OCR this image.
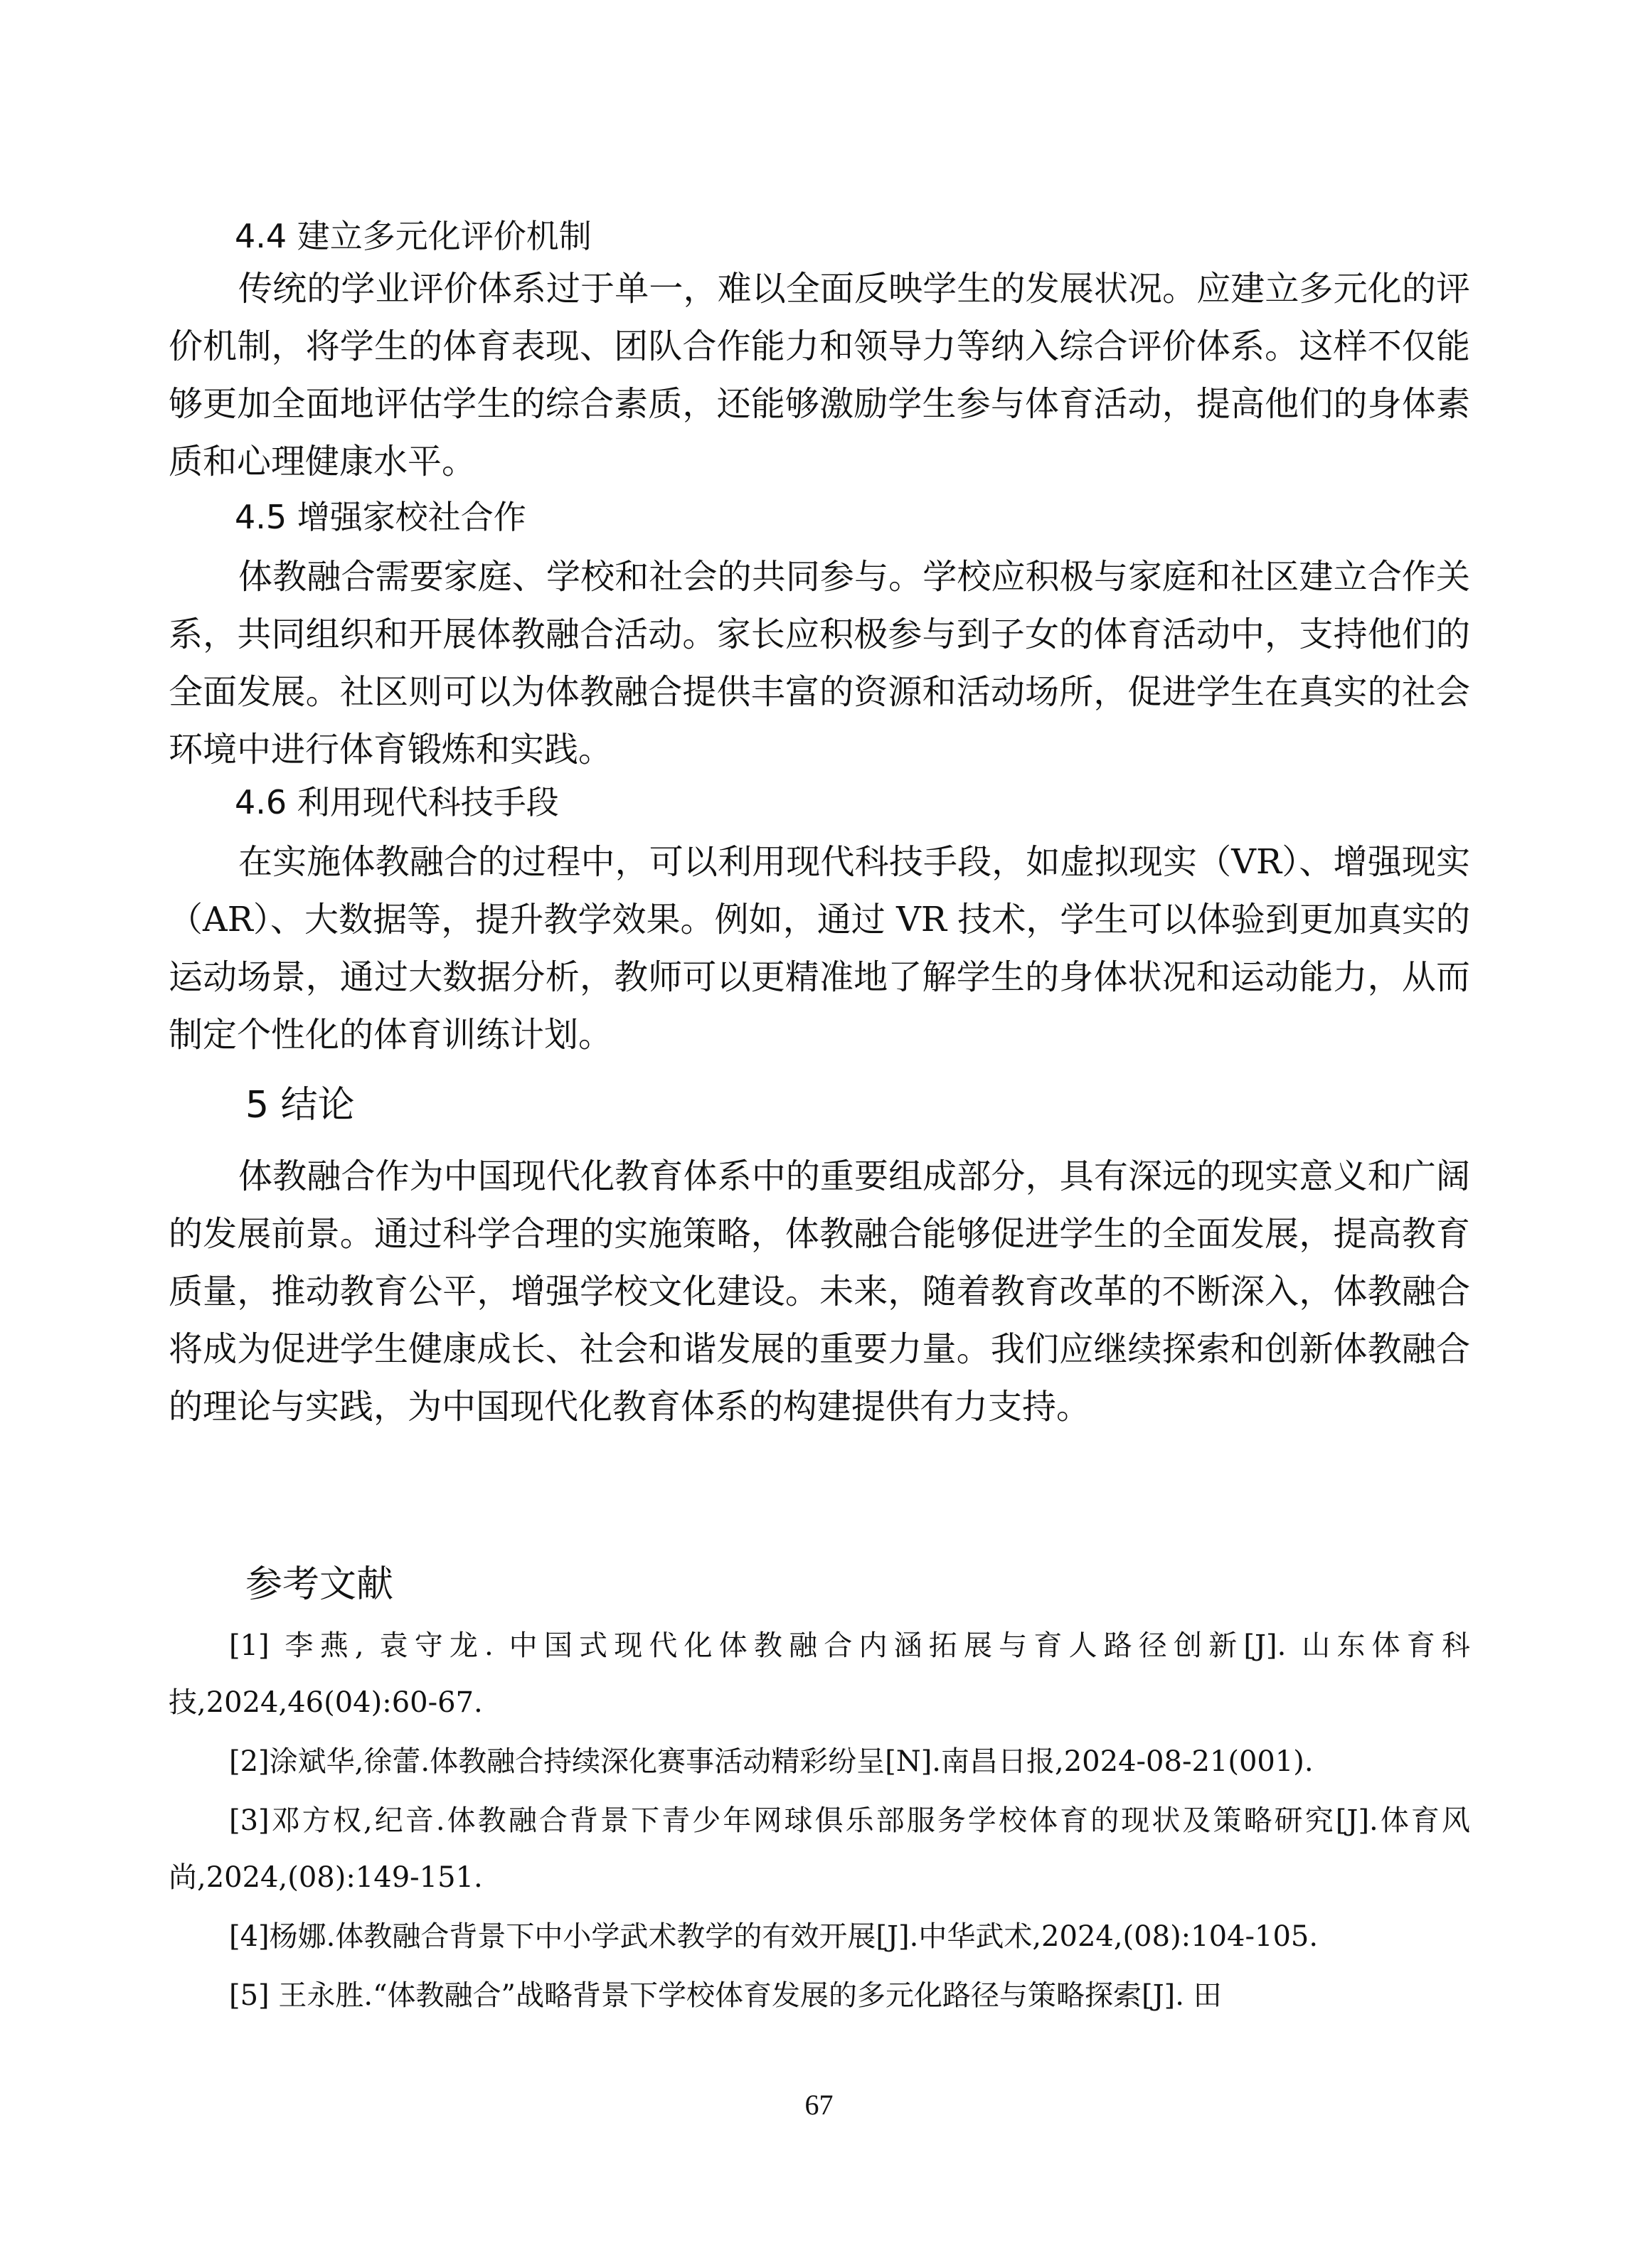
4.4 建立多元化评价机制

传统的学业评价体系过于单一，难以全面反映学生的发展状况。应建立多元化的评价机制，将学生的体育表现、团队合作能力和领导力等纳入综合评价体系。这样不仅能够更加全面地评估学生的综合素质，还能够激励学生参与体育活动，提高他们的身体素质和心理健康水平。

4.5 增强家校社合作

体教融合需要家庭、学校和社会的共同参与。学校应积极与家庭和社区建立合作关系，共同组织和开展体教融合活动。家长应积极参与到子女的体育活动中，支持他们的全面发展。社区则可以为体教融合提供丰富的资源和活动场所，促进学生在真实的社会环境中进行体育锻炼和实践。

4.6 利用现代科技手段

在实施体教融合的过程中，可以利用现代科技手段，如虚拟现实（VR）、增强现实（AR）、大数据等，提升教学效果。例如，通过 VR 技术，学生可以体验到更加真实的运动场景，通过大数据分析，教师可以更精准地了解学生的身体状况和运动能力，从而制定个性化的体育训练计划。

5 结论

体教融合作为中国现代化教育体系中的重要组成部分，具有深远的现实意义和广阔的发展前景。通过科学合理的实施策略，体教融合能够促进学生的全面发展，提高教育质量，推动教育公平，增强学校文化建设。未来，随着教育改革的不断深入，体教融合将成为促进学生健康成长、社会和谐发展的重要力量。我们应继续探索和创新体教融合的理论与实践，为中国现代化教育体系的构建提供有力支持。

参考文献

[1] 李燕, 袁守龙. 中国式现代化体教融合内涵拓展与育人路径创新[J]. 山东体育科技,2024,46(04):60-67.

[2]涂斌华,徐蕾.体教融合持续深化赛事活动精彩纷呈[N].南昌日报,2024-08-21(001).

[3]邓方权,纪音.体教融合背景下青少年网球俱乐部服务学校体育的现状及策略研究[J].体育风尚,2024,(08):149-151.

[4]杨娜.体教融合背景下中小学武术教学的有效开展[J].中华武术,2024,(08):104-105.

[5] 王永胜.“体教融合”战略背景下学校体育发展的多元化路径与策略探索[J]. 田

67
